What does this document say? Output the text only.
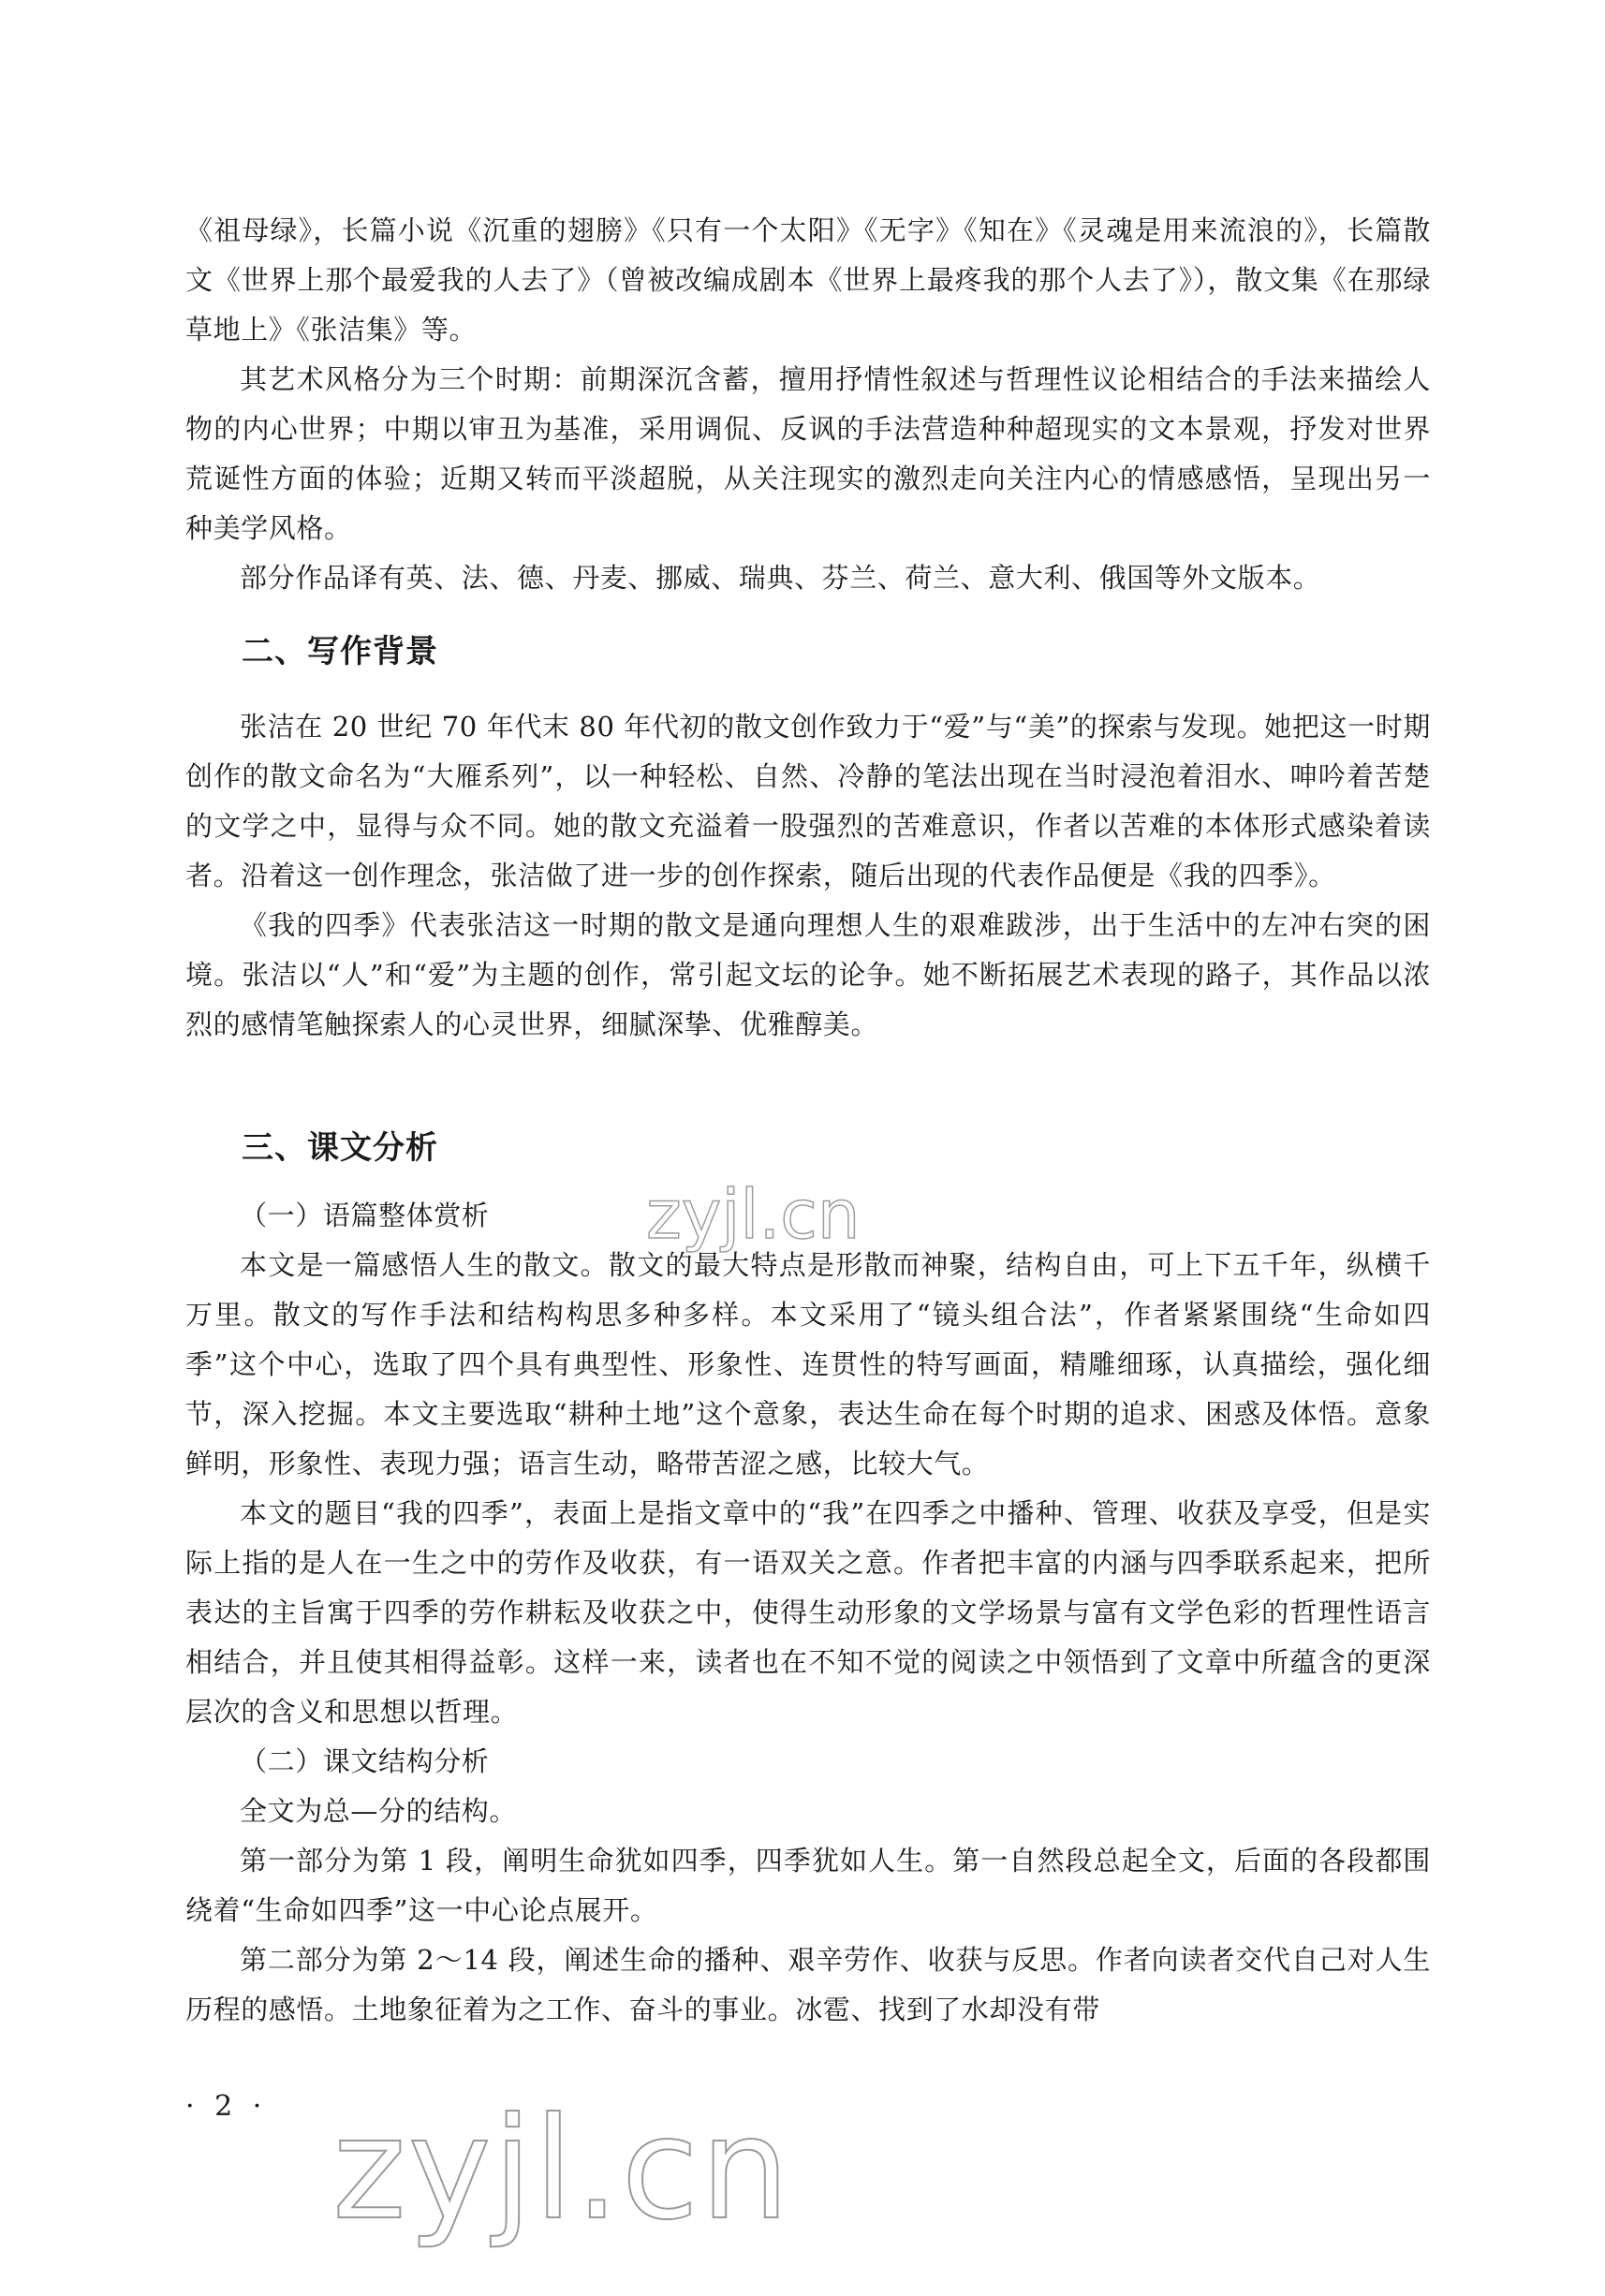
《祖母绿》，长篇小说《沉重的翅膀》《只有一个太阳》《无字》《知在》《灵魂是用来流浪的》，长篇散文《世界上那个最爱我的人去了》（曾被改编成剧本《世界上最疼我的那个人去了》），散文集《在那绿草地上》《张洁集》等。

其艺术风格分为三个时期：前期深沉含蓄，擅用抒情性叙述与哲理性议论相结合的手法来描绘人物的内心世界；中期以审丑为基准，采用调侃、反讽的手法营造种种超现实的文本景观，抒发对世界荒诞性方面的体验；近期又转而平淡超脱，从关注现实的激烈走向关注内心的情感感悟，呈现出另一种美学风格。

部分作品译有英、法、德、丹麦、挪威、瑞典、芬兰、荷兰、意大利、俄国等外文版本。

二、写作背景

张洁在 20 世纪 70 年代末 80 年代初的散文创作致力于“爱”与“美”的探索与发现。她把这一时期创作的散文命名为“大雁系列”，以一种轻松、自然、冷静的笔法出现在当时浸泡着泪水、呻吟着苦楚的文学之中，显得与众不同。她的散文充溢着一股强烈的苦难意识，作者以苦难的本体形式感染着读者。沿着这一创作理念，张洁做了进一步的创作探索，随后出现的代表作品便是《我的四季》。

《我的四季》代表张洁这一时期的散文是通向理想人生的艰难跋涉，出于生活中的左冲右突的困境。张洁以“人”和“爱”为主题的创作，常引起文坛的论争。她不断拓展艺术表现的路子，其作品以浓烈的感情笔触探索人的心灵世界，细腻深挚、优雅醇美。

三、课文分析

（一）语篇整体赏析

本文是一篇感悟人生的散文。散文的最大特点是形散而神聚，结构自由，可上下五千年，纵横千万里。散文的写作手法和结构构思多种多样。本文采用了“镜头组合法”，作者紧紧围绕“生命如四季”这个中心，选取了四个具有典型性、形象性、连贯性的特写画面，精雕细琢，认真描绘，强化细节，深入挖掘。本文主要选取“耕种土地”这个意象，表达生命在每个时期的追求、困惑及体悟。意象鲜明，形象性、表现力强；语言生动，略带苦涩之感，比较大气。

本文的题目“我的四季”，表面上是指文章中的“我”在四季之中播种、管理、收获及享受，但是实际上指的是人在一生之中的劳作及收获，有一语双关之意。作者把丰富的内涵与四季联系起来，把所表达的主旨寓于四季的劳作耕耘及收获之中，使得生动形象的文学场景与富有文学色彩的哲理性语言相结合，并且使其相得益彰。这样一来，读者也在不知不觉的阅读之中领悟到了文章中所蕴含的更深层次的含义和思想以哲理。

（二）课文结构分析

全文为总—分的结构。

第一部分为第 1 段，阐明生命犹如四季，四季犹如人生。第一自然段总起全文，后面的各段都围绕着“生命如四季”这一中心论点展开。

第二部分为第 2～14 段，阐述生命的播种、艰辛劳作、收获与反思。作者向读者交代自己对人生历程的感悟。土地象征着为之工作、奋斗的事业。冰雹、找到了水却没有带

· 2 ·
zyjl.cn
zyjl.cn
